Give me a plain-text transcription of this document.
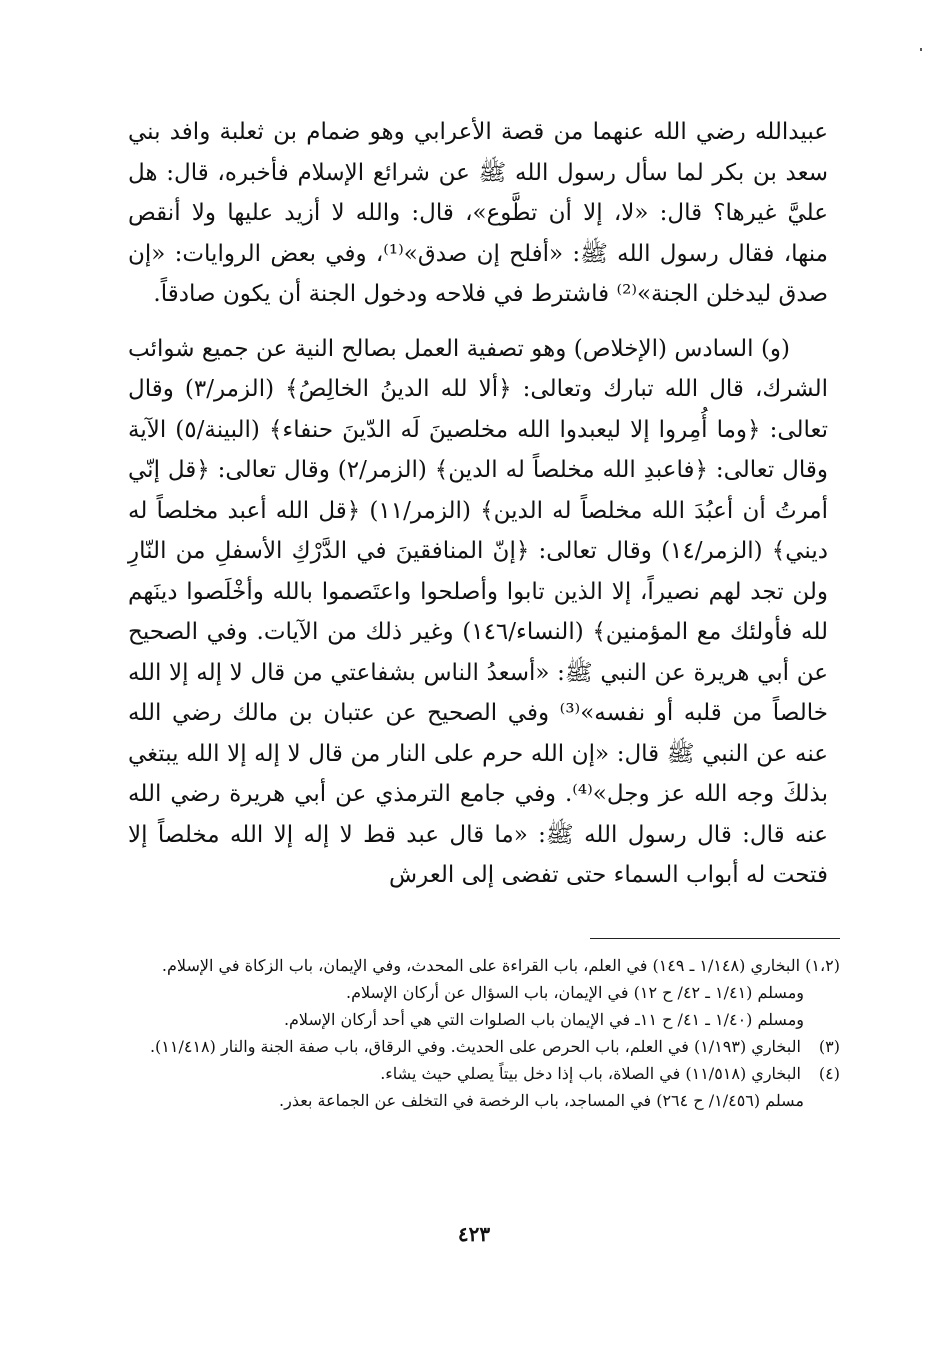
عبيدالله رضي الله عنهما من قصة الأعرابي وهو ضمام بن ثعلبة وافد بني سعد بن بكر لما سأل رسول الله ﷺ عن شرائع الإسلام فأخبره، قال: هل عليَّ غيرها؟ قال: «لا، إلا أن تطَّوع»، قال: والله لا أزيد عليها ولا أنقص منها، فقال رسول الله ﷺ: «أفلح إن صدق»⁽¹⁾، وفي بعض الروايات: «إن صدق ليدخلن الجنة»⁽²⁾ فاشترط في فلاحه ودخول الجنة أن يكون صادقاً.

(و) السادس (الإخلاص) وهو تصفية العمل بصالح النية عن جميع شوائب الشرك، قال الله تبارك وتعالى: ﴿ألا لله الدينُ الخالِصُ﴾ (الزمر/٣) وقال تعالى: ﴿وما أُمِروا إلا ليعبدوا الله مخلصينَ لَه الدّينَ حنفاء﴾ (البينة/٥) الآية وقال تعالى: ﴿فاعبدِ الله مخلصاً له الدين﴾ (الزمر/٢) وقال تعالى: ﴿قل إنّي أمرتُ أن أعبُدَ الله مخلصاً له الدين﴾ (الزمر/١١) ﴿قل الله أعبد مخلصاً له ديني﴾ (الزمر/١٤) وقال تعالى: ﴿إنّ المنافقينَ في الدَّرْكِ الأسفلِ من النّارِ ولن تجد لهم نصيراً، إلا الذين تابوا وأصلحوا واعتَصموا بالله وأخْلَصوا دينَهم لله فأولئك مع المؤمنين﴾ (النساء/١٤٦) وغير ذلك من الآيات. وفي الصحيح عن أبي هريرة عن النبي ﷺ: «أسعدُ الناس بشفاعتي من قال لا إله إلا الله خالصاً من قلبه أو نفسه»⁽³⁾ وفي الصحيح عن عتبان بن مالك رضي الله عنه عن النبي ﷺ قال: «إن الله حرم على النار من قال لا إله إلا الله يبتغي بذلكَ وجه الله عز وجل»⁽⁴⁾. وفي جامع الترمذي عن أبي هريرة رضي الله عنه قال: قال رسول الله ﷺ: «ما قال عبد قط لا إله إلا الله مخلصاً إلا فتحت له أبواب السماء حتى تفضى إلى العرش

(١،٢) البخاري (١/١٤٨ ـ ١٤٩) في العلم، باب القراءة على المحدث، وفي الإيمان، باب الزكاة في الإسلام.

ومسلم (١/٤١ ـ ٤٢/ ح ١٢) في الإيمان، باب السؤال عن أركان الإسلام.

ومسلم (١/٤٠ ـ ٤١/ ح ١١ـ في الإيمان باب الصلوات التي هي أحد أركان الإسلام.

(٣) البخاري (١/١٩٣) في العلم، باب الحرص على الحديث. وفي الرقاق، باب صفة الجنة والنار (١١/٤١٨).

(٤) البخاري (١١/٥١٨) في الصلاة، باب إذا دخل بيتاً يصلي حيث يشاء.

مسلم (١/٤٥٦/ ح ٢٦٤) في المساجد، باب الرخصة في التخلف عن الجماعة بعذر.

٤٢٣
